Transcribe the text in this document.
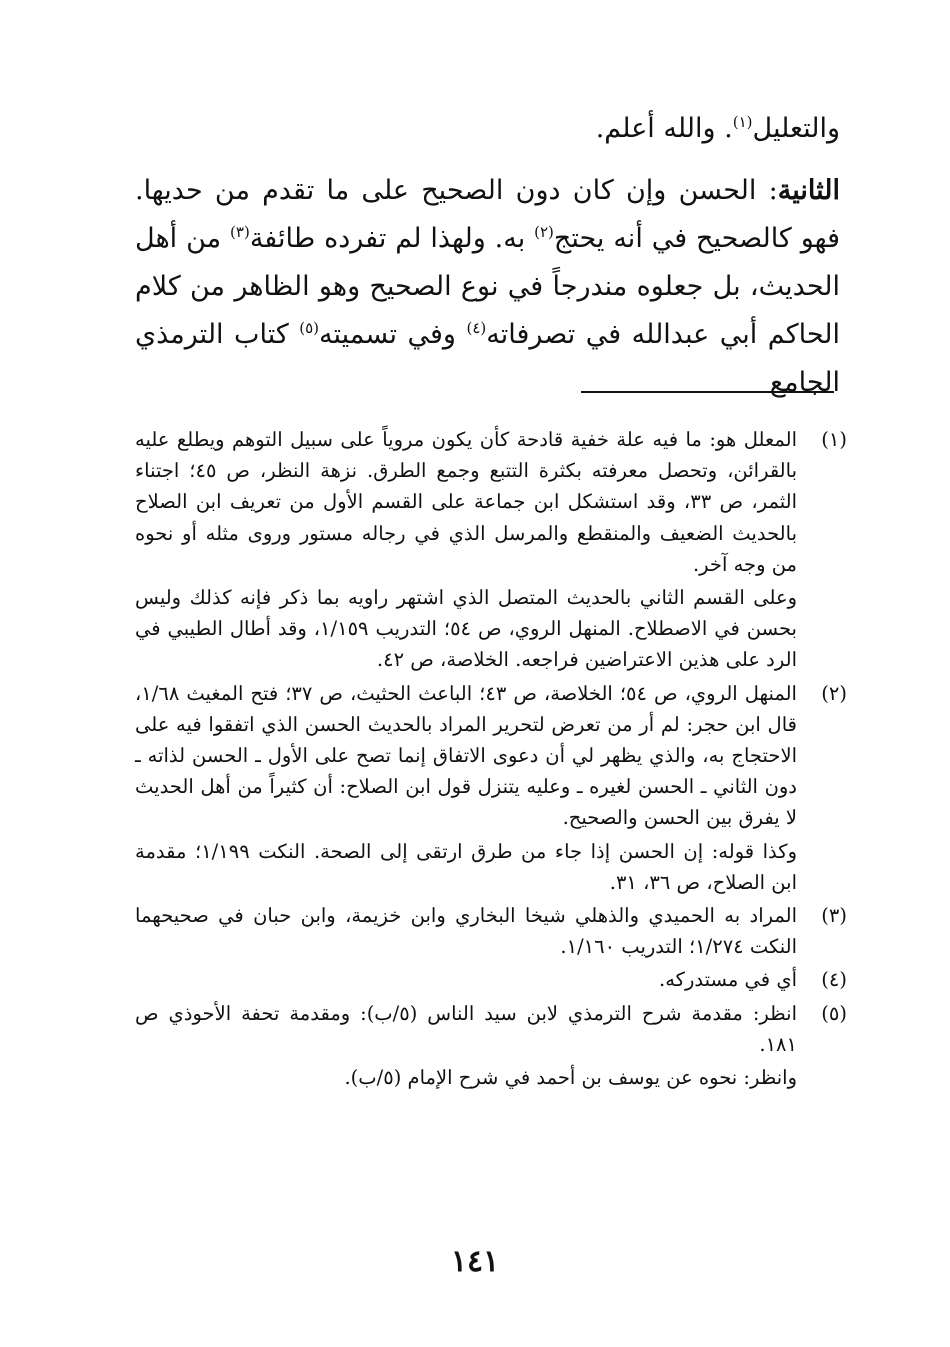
والتعليل$^{(١)}$. والله أعلم.

الثانية: الحسن وإن كان دون الصحيح على ما تقدم من حديها. فهو كالصحيح في أنه يحتج$^{(٢)}$ به. ولهذا لم تفرده طائفة$^{(٣)}$ من أهل الحديث، بل جعلوه مندرجاً في نوع الصحيح وهو الظاهر من كلام الحاكم أبي عبدالله في تصرفاته$^{(٤)}$ وفي تسميته$^{(٥)}$ كتاب الترمذي الجامع

(١)

المعلل هو: ما فيه علة خفية قادحة كأن يكون مروياً على سبيل التوهم ويطلع عليه بالقرائن، وتحصل معرفته بكثرة التتبع وجمع الطرق. نزهة النظر، ص ٤٥؛ اجتناء الثمر، ص ٣٣، وقد استشكل ابن جماعة على القسم الأول من تعريف ابن الصلاح بالحديث الضعيف والمنقطع والمرسل الذي في رجاله مستور وروى مثله أو نحوه من وجه آخر.

وعلى القسم الثاني بالحديث المتصل الذي اشتهر راويه بما ذكر فإنه كذلك وليس بحسن في الاصطلاح. المنهل الروي، ص ٥٤؛ التدريب ١/١٥٩، وقد أطال الطيبي في الرد على هذين الاعتراضين فراجعه. الخلاصة، ص ٤٢.

(٢)

المنهل الروي، ص ٥٤؛ الخلاصة، ص ٤٣؛ الباعث الحثيث، ص ٣٧؛ فتح المغيث ١/٦٨، قال ابن حجر: لم أر من تعرض لتحرير المراد بالحديث الحسن الذي اتفقوا فيه على الاحتجاج به، والذي يظهر لي أن دعوى الاتفاق إنما تصح على الأول ـ الحسن لذاته ـ دون الثاني ـ الحسن لغيره ـ وعليه يتنزل قول ابن الصلاح: أن كثيراً من أهل الحديث لا يفرق بين الحسن والصحيح.

وكذا قوله: إن الحسن إذا جاء من طرق ارتقى إلى الصحة. النكت ١/١٩٩؛ مقدمة ابن الصلاح، ص ٣٦، ٣١.

(٣)

المراد به الحميدي والذهلي شيخا البخاري وابن خزيمة، وابن حبان في صحيحهما النكت ١/٢٧٤؛ التدريب ١/١٦٠.

(٤)

أي في مستدركه.

(٥)

انظر: مقدمة شرح الترمذي لابن سيد الناس (٥/ب): ومقدمة تحفة الأحوذي ص ١٨١.

وانظر: نحوه عن يوسف بن أحمد في شرح الإمام (٥/ب).

١٤١
